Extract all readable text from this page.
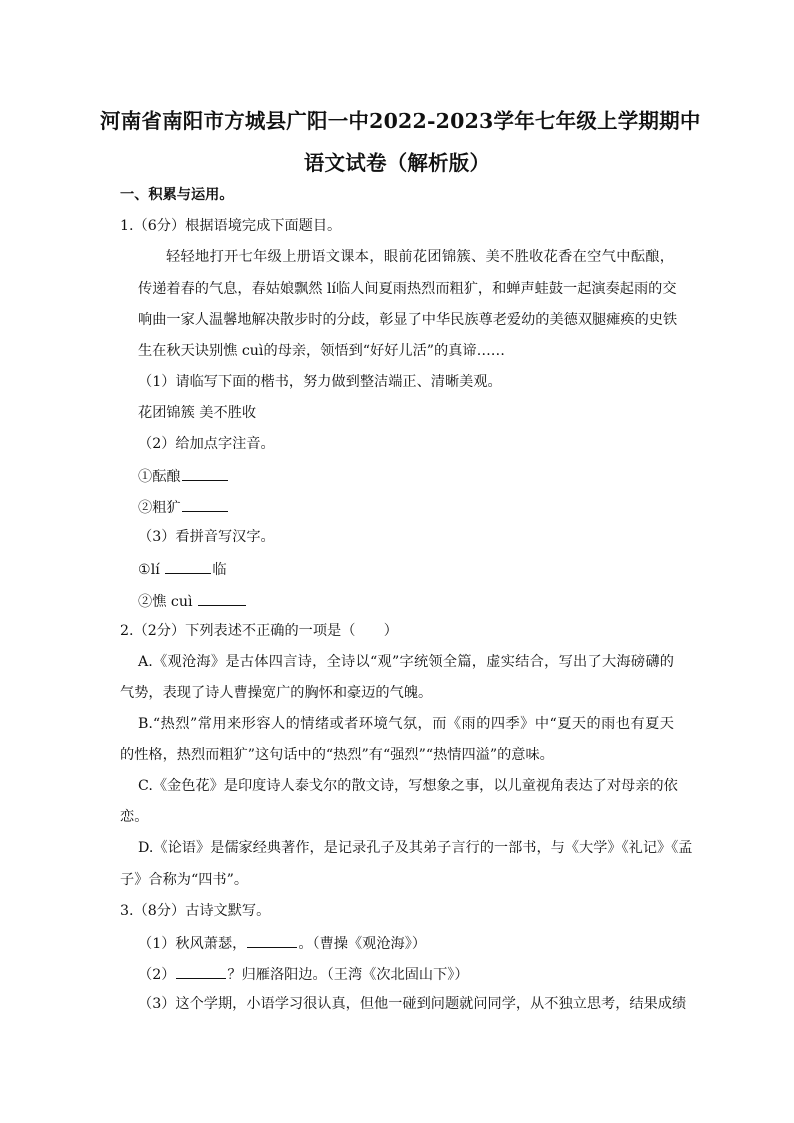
河南省南阳市方城县广阳一中2022-2023学年七年级上学期期中
语文试卷（解析版）
一、积累与运用。
1.（6分）根据语境完成下面题目。
轻轻地打开七年级上册语文课本，眼前花团锦簇、美不胜收花香在空气中酝酿，
传递着春的气息，春姑娘飘然 lí临人间夏雨热烈而粗犷，和蝉声蛙鼓一起演奏起雨的交
响曲一家人温馨地解决散步时的分歧，彰显了中华民族尊老爱幼的美德双腿瘫痪的史铁
生在秋天诀别憔 cuì的母亲，领悟到“好好儿活”的真谛……
（1）请临写下面的楷书，努力做到整洁端正、清晰美观。
花团锦簇 美不胜收
（2）给加点字注音。
①酝酿
②粗犷
（3）看拼音写汉字。
①lí	临
②憔 cuì
2.（2分）下列表述不正确的一项是（　　）
A.《观沧海》是古体四言诗，全诗以“观”字统领全篇，虚实结合，写出了大海磅礴的
气势，表现了诗人曹操宽广的胸怀和豪迈的气魄。
B.“热烈”常用来形容人的情绪或者环境气氛，而《雨的四季》中“夏天的雨也有夏天
的性格，热烈而粗犷”这句话中的“热烈”有“强烈”“热情四溢”的意味。
C.《金色花》是印度诗人泰戈尔的散文诗，写想象之事，以儿童视角表达了对母亲的依
恋。
D.《论语》是儒家经典著作，是记录孔子及其弟子言行的一部书，与《大学》《礼记》《孟
子》合称为“四书”。
3.（8分）古诗文默写。
（1）秋风萧瑟，	。（曹操《观沧海》）
（2）	？归雁洛阳边。（王湾《次北固山下》）
（3）这个学期，小语学习很认真，但他一碰到问题就问同学，从不独立思考，结果成绩
